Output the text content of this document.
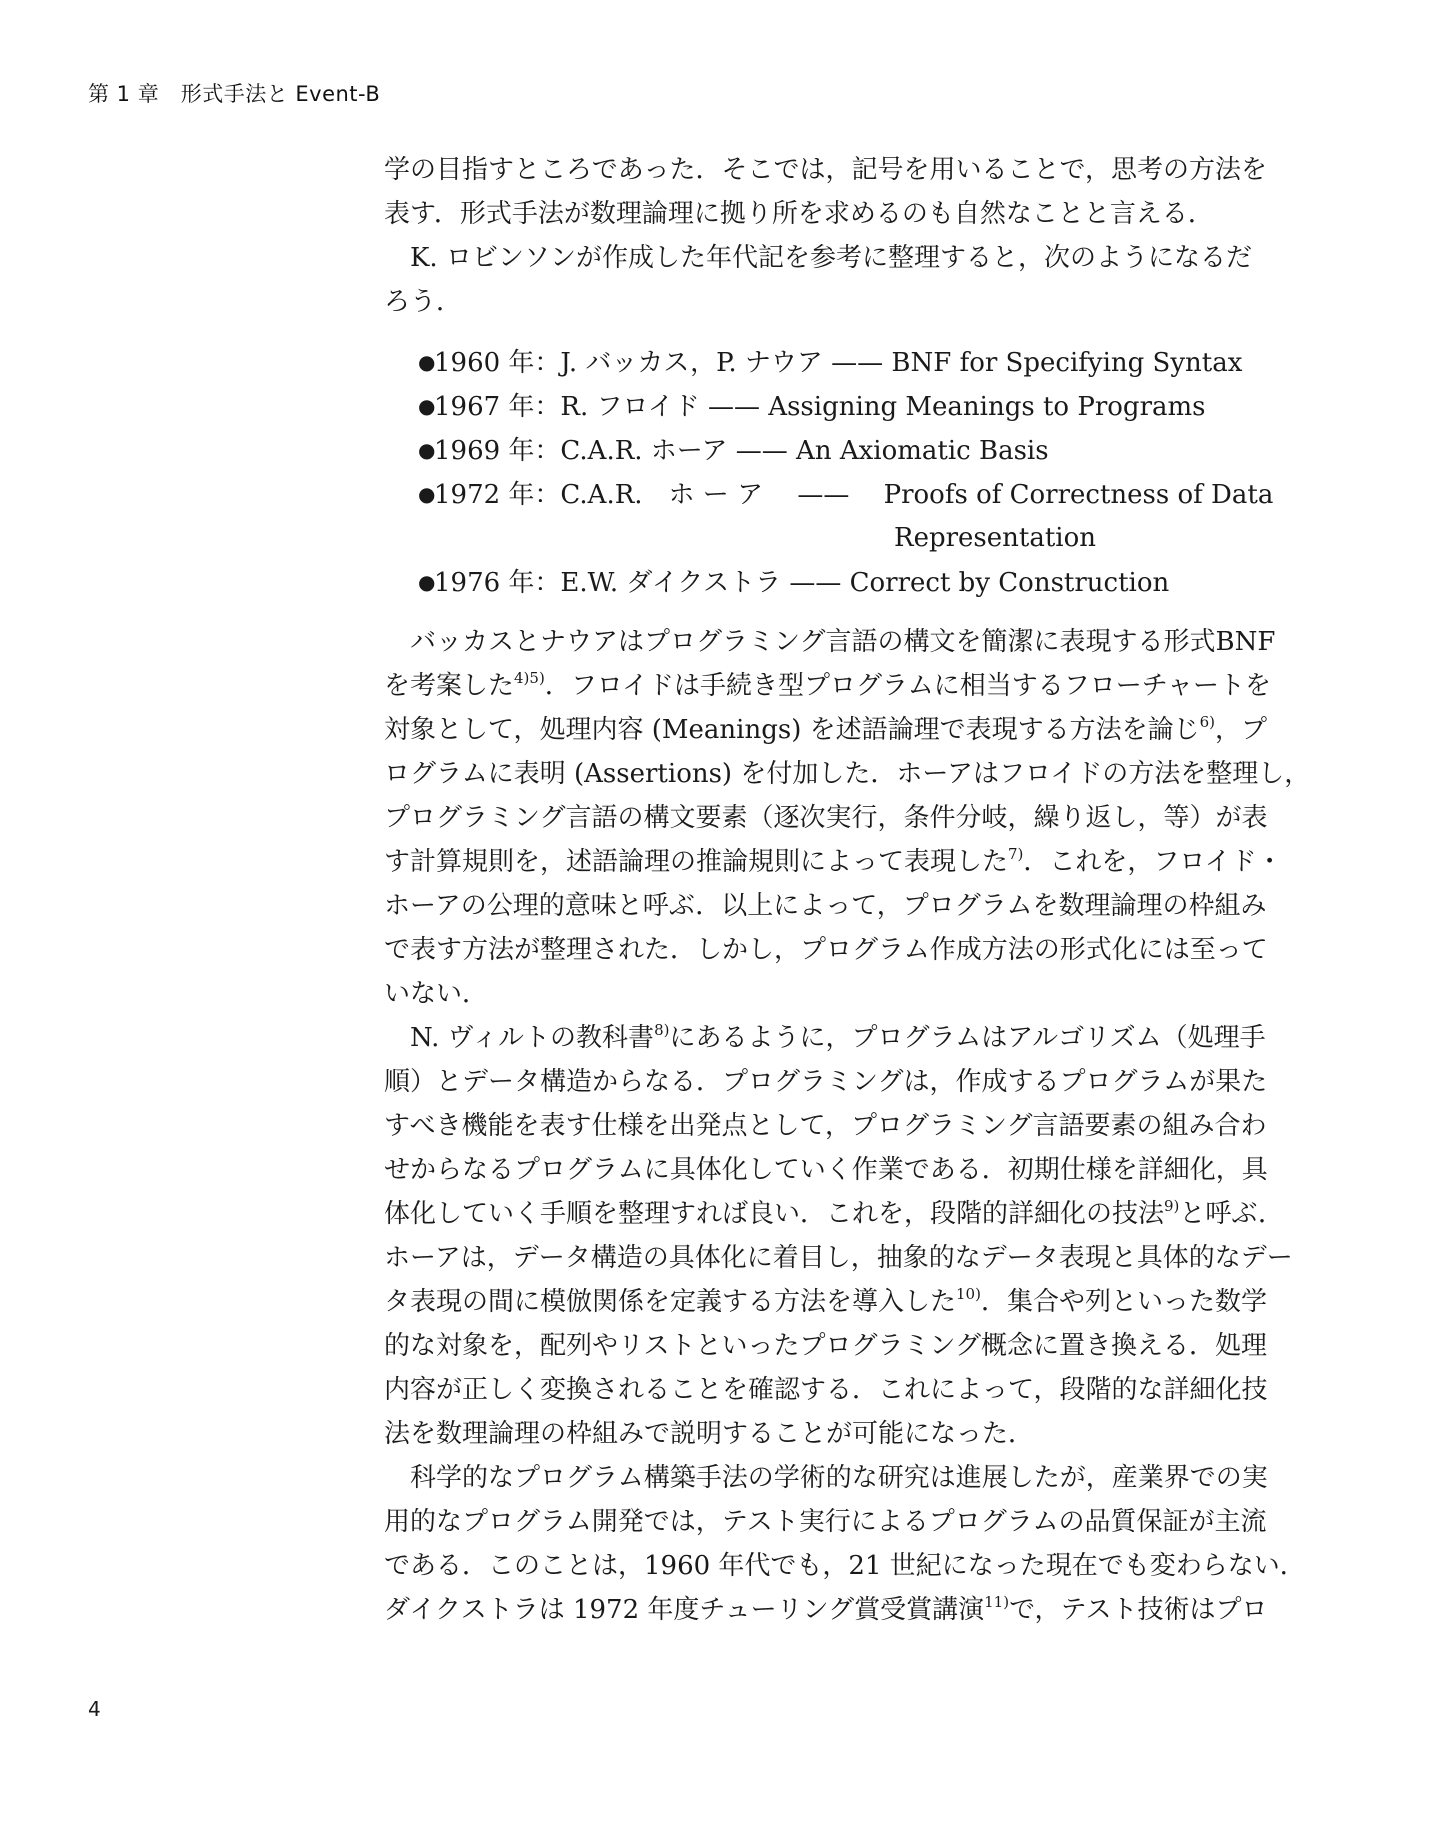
第 1 章　形式手法と Event-B
学の目指すところであった．そこでは，記号を用いることで，思考の方法を
表す．形式手法が数理論理に拠り所を求めるのも自然なことと言える．
K. ロビンソンが作成した年代記を参考に整理すると，次のようになるだ
ろう．
●1960 年：J. バッカス，P. ナウア —— BNF for Specifying Syntax
●1967 年：R. フロイド —— Assigning Meanings to Programs
●1969 年：C.A.R. ホーア —— An Axiomatic Basis
●1972 年：C.A.R.　ホ ー ア　 ——　 Proofs of Correctness of Data
Representation
●1976 年：E.W. ダイクストラ —— Correct by Construction
バッカスとナウアはプログラミング言語の構文を簡潔に表現する形式BNF
を考案した4)5)．フロイドは手続き型プログラムに相当するフローチャートを
対象として，処理内容 (Meanings) を述語論理で表現する方法を論じ6)，プ
ログラムに表明 (Assertions) を付加した．ホーアはフロイドの方法を整理し，
プログラミング言語の構文要素（逐次実行，条件分岐，繰り返し，等）が表
す計算規則を，述語論理の推論規則によって表現した7)．これを，フロイド・
ホーアの公理的意味と呼ぶ．以上によって，プログラムを数理論理の枠組み
で表す方法が整理された．しかし，プログラム作成方法の形式化には至って
いない．
N. ヴィルトの教科書8)にあるように，プログラムはアルゴリズム（処理手
順）とデータ構造からなる．プログラミングは，作成するプログラムが果た
すべき機能を表す仕様を出発点として，プログラミング言語要素の組み合わ
せからなるプログラムに具体化していく作業である．初期仕様を詳細化，具
体化していく手順を整理すれば良い．これを，段階的詳細化の技法9)と呼ぶ．
ホーアは，データ構造の具体化に着目し，抽象的なデータ表現と具体的なデー
タ表現の間に模倣関係を定義する方法を導入した10)．集合や列といった数学
的な対象を，配列やリストといったプログラミング概念に置き換える．処理
内容が正しく変換されることを確認する．これによって，段階的な詳細化技
法を数理論理の枠組みで説明することが可能になった．
科学的なプログラム構築手法の学術的な研究は進展したが，産業界での実
用的なプログラム開発では，テスト実行によるプログラムの品質保証が主流
である．このことは，1960 年代でも，21 世紀になった現在でも変わらない．
ダイクストラは 1972 年度チューリング賞受賞講演11)で，テスト技術はプロ
4
